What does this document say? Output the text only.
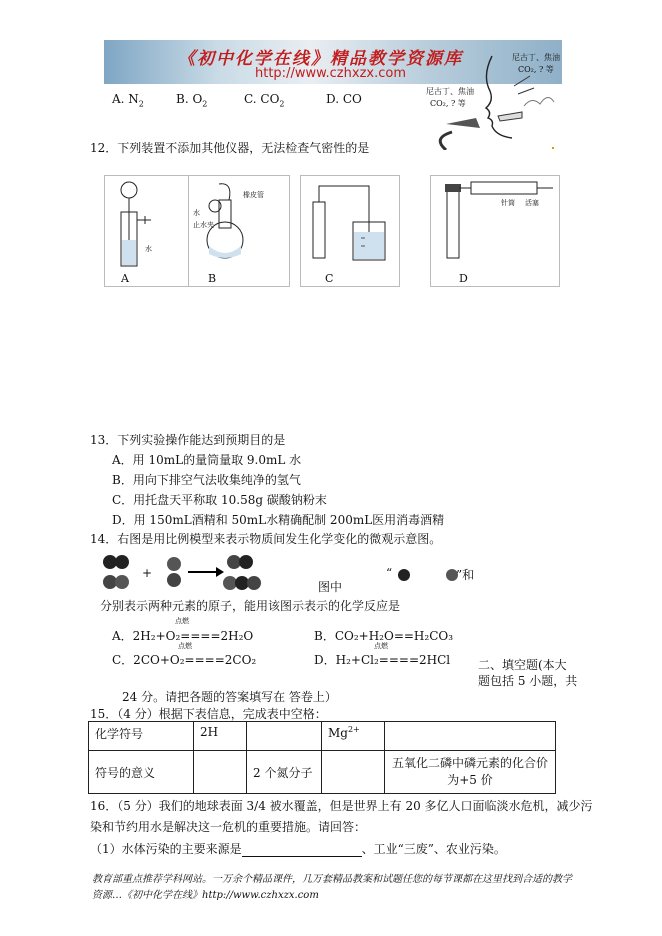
《初中化学在线》精品教学资源库
http://www.czhxzx.com
A. $N_2$	B. $O_2$	C. $CO_2$	D. CO
尼古丁、焦油
CO₂, ? 等
尼古丁、焦油
CO₂, ? 等
12．下列装置不添加其他仪器，无法检查气密性的是
水
橡皮管
水
止水夹
针筒 活塞
A	B	C	D
13．下列实验操作能达到预期目的是
A．用 10mL的量筒量取 9.0mL 水
B．用向下排空气法收集纯净的氢气
C．用托盘天平称取 10.58g 碳酸钠粉末
D．用 150mL酒精和 50mL水精确配制 200mL医用消毒酒精
14．右图是用比例模型来表示物质间发生化学变化的微观示意图。
+
图中
“	”和
分别表示两种元素的原子，能用该图示表示的化学反应是
点燃
A．2H₂+O₂====2H₂O	B．CO₂+H₂O==H₂CO₃
点燃
C．2CO+O₂====2CO₂
点燃
D．H₂+Cl₂====2HCl 二、填空题(本大
题包括 5 小题，共
24 分。请把各题的答案填写在 答卷上）
15．（4 分）根据下表信息，完成表中空格：
化学符号	2H		$Mg^{2+}$	
符号的意义		2 个氮分子		五氧化二磷中磷元素的化合价
为+5 价
16．（5 分）我们的地球表面 3/4 被水覆盖，但是世界上有 20 多亿人口面临淡水危机，减少污
染和节约用水是解决这一危机的重要措施。请回答：
（1）水体污染的主要来源是	、工业“三废”、农业污染。
教育部重点推荐学科网站。一万余个精品课件，几万套精品教案和试题任您的每节课都在这里找到合适的教学
资源…《初中化学在线》http://www.czhxzx.com
